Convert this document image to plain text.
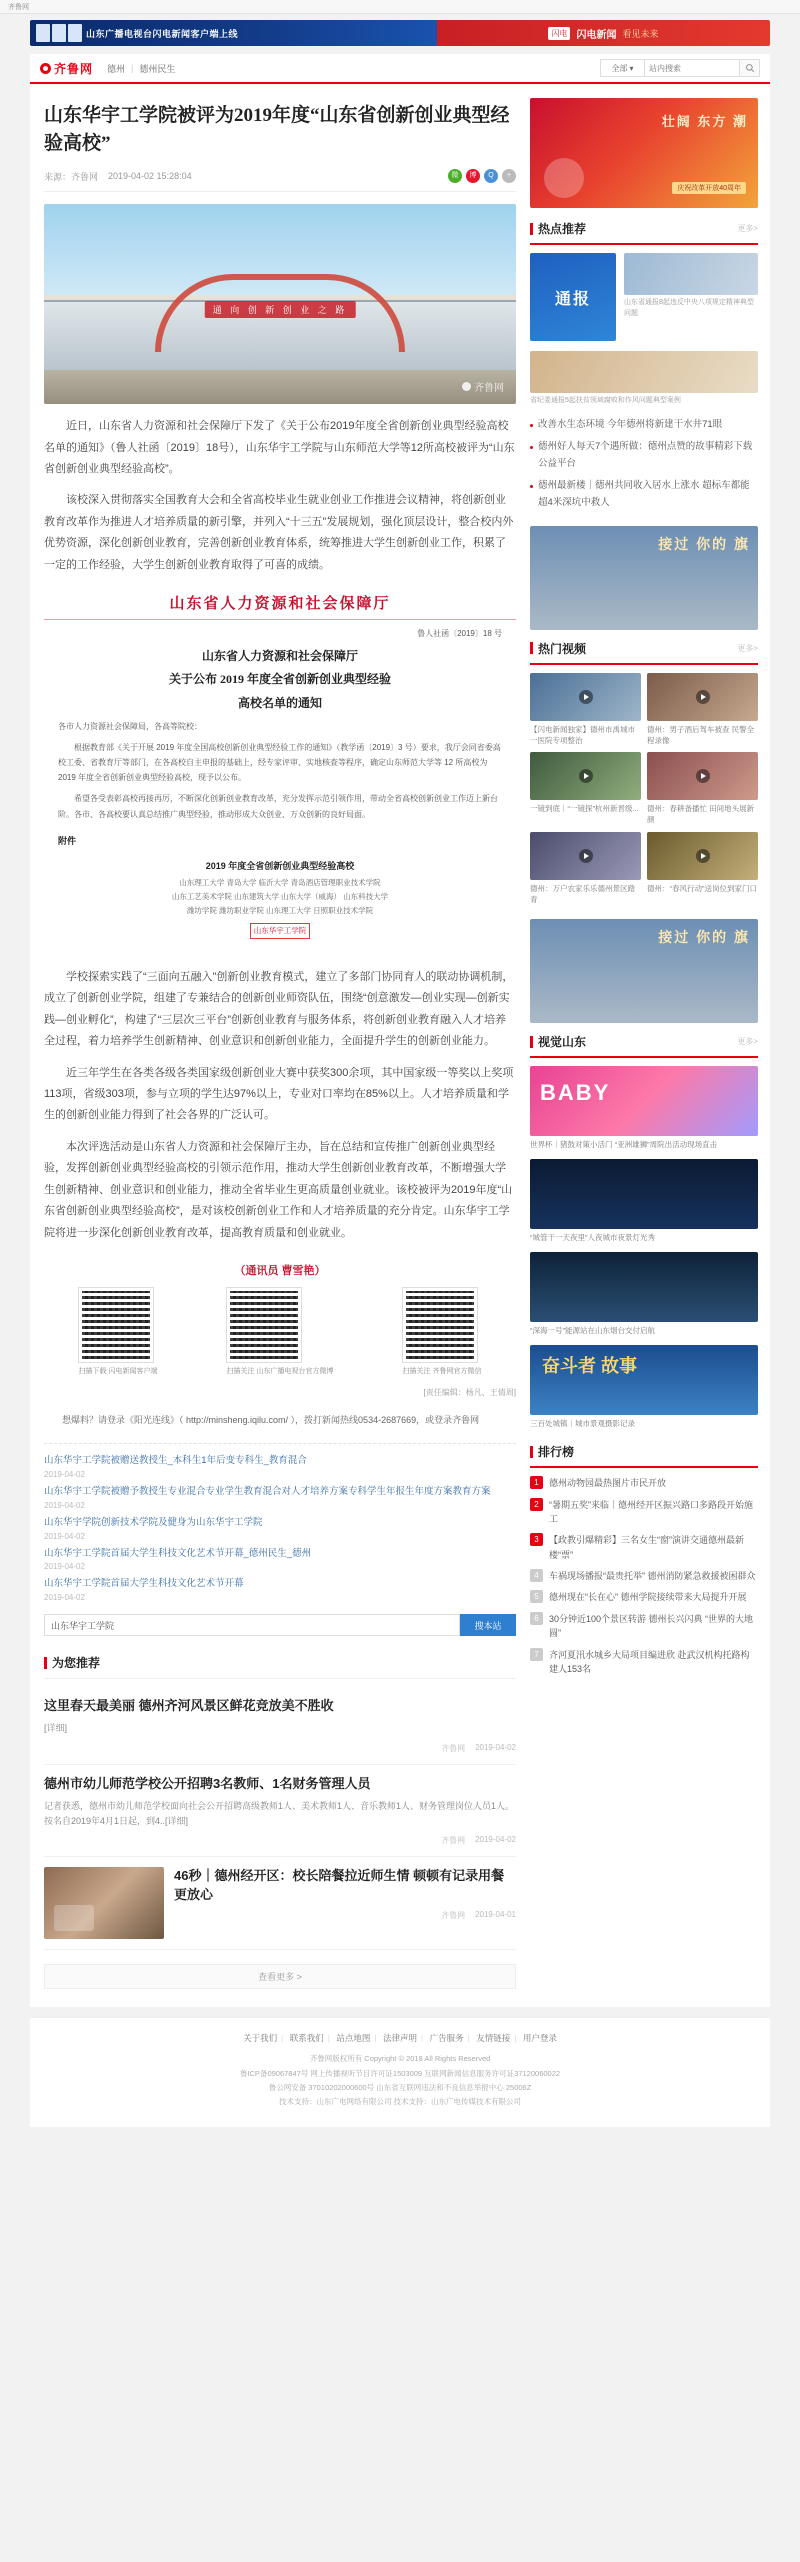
齐鲁网
山东广播电视台闪电新闻客户端上线	闪电 闪电新闻 看见未来
齐鲁网 德州 | 德州民生	全部 ▾
站内搜索
山东华宇工学院被评为2019年度“山东省创新创业典型经验高校”
来源：齐鲁网 2019-04-02 15:28:04	微	博	Q	+
通 向 创 新 创 业 之 路
齐鲁网

近日，山东省人力资源和社会保障厅下发了《关于公布2019年度全省创新创业典型经验高校名单的通知》（鲁人社函〔2019〕18号），山东华宇工学院与山东师范大学等12所高校被评为“山东省创新创业典型经验高校”。

该校深入贯彻落实全国教育大会和全省高校毕业生就业创业工作推进会议精神，将创新创业教育改革作为推进人才培养质量的新引擎，并列入“十三五”发展规划，强化顶层设计，整合校内外优势资源，深化创新创业教育，完善创新创业教育体系，统筹推进大学生创新创业工作，积累了一定的工作经验，大学生创新创业教育取得了可喜的成绩。

山东省人力资源和社会保障厅
鲁人社函〔2019〕18 号
山东省人力资源和社会保障厅
关于公布 2019 年度全省创新创业典型经验
高校名单的通知

各市人力资源社会保障局，各高等院校：

根据教育部《关于开展 2019 年度全国高校创新创业典型经验工作的通知》（教学函〔2019〕3 号）要求，我厅会同省委高校工委、省教育厅等部门，在各高校自主申报的基础上，经专家评审、实地核查等程序，确定山东师范大学等 12 所高校为 2019 年度全省创新创业典型经验高校，现予以公布。

希望各受表彰高校再接再厉，不断深化创新创业教育改革，充分发挥示范引领作用，带动全省高校创新创业工作迈上新台阶。各市、各高校要认真总结推广典型经验，推动形成大众创业、万众创新的良好局面。

附件
2019 年度全省创新创业典型经验高校
山东理工大学 青岛大学 临沂大学 青岛酒店管理职业技术学院
山东工艺美术学院 山东建筑大学 山东大学（威海） 山东科技大学
潍坊学院 潍坊职业学院 山东理工大学 日照职业技术学院
山东华宇工学院

学校探索实践了“三面向五融入”创新创业教育模式，建立了多部门协同育人的联动协调机制，成立了创新创业学院，组建了专兼结合的创新创业师资队伍，围绕“创意激发—创业实现—创新实践—创业孵化”，构建了“三层次三平台”创新创业教育与服务体系，将创新创业教育融入人才培养全过程，着力培养学生创新精神、创业意识和创新创业能力，全面提升学生的创新创业能力。

近三年学生在各类各级各类国家级创新创业大赛中获奖300余项，其中国家级一等奖以上奖项113项，省级303项，参与立项的学生达97%以上，专业对口率均在85%以上。人才培养质量和学生的创新创业能力得到了社会各界的广泛认可。

本次评选活动是山东省人力资源和社会保障厅主办，旨在总结和宣传推广创新创业典型经验，发挥创新创业典型经验高校的引领示范作用，推动大学生创新创业教育改革，不断增强大学生创新精神、创业意识和创业能力，推动全省毕业生更高质量创业就业。该校被评为2019年度“山东省创新创业典型经验高校”，是对该校创新创业工作和人才培养质量的充分肯定。山东华宇工学院将进一步深化创新创业教育改革，提高教育质量和创业就业。

（通讯员 曹雪艳）
扫描下载 闪电新闻客户端	扫描关注 山东广播电视台官方微博	扫描关注 齐鲁网官方微信
[责任编辑：杨凡、王倩周]
想爆料？请登录《阳光连线》（ http://minsheng.iqilu.com/ ），拨打新闻热线0534-2687669，或登录齐鲁网
山东华宇工学院被赠送教授生_本科生1年后变专科生_教育混合
2019-04-02
山东华宇工学院被赠予教授生专业混合专业学生教育混合对人才培养方案专科学生年报生年度方案教育方案
2019-04-02
山东华宇学院创新技术学院及健身为山东华宇工学院
2019-04-02
山东华宇工学院首届大学生科技文化艺术节开幕_德州民生_德州
2019-04-02
山东华宇工学院首届大学生科技文化艺术节开幕
2019-04-02
山东华宇工学院
搜本站
为您推荐
这里春天最美丽 德州齐河风景区鲜花竞放美不胜收
[详细]
齐鲁网 2019-04-02
德州市幼儿师范学校公开招聘3名教师、1名财务管理人员
记者获悉，德州市幼儿师范学校面向社会公开招聘高级教师1人、美术教师1人、音乐教师1人、财务管理岗位人员1人。按名自2019年4月1日起，到4..[详细]
齐鲁网 2019-04-02
46秒｜德州经开区：校长陪餐拉近师生情 顿顿有记录用餐更放心
齐鲁网 2019-04-01
查看更多 >
壮阔 东方 潮
庆祝改革开放40周年
热点推荐	更多>
通报	山东省通报8起违反中央八项规定精神典型问题
省纪委通报5起扶贫领域腐败和作风问题典型案例
改善水生态环境 今年德州将新建干水井71眼
德州好人每天7个遇所做：德州点赞的故事精彩下载公益平台
德州最新楼｜德州共同收入居水上涨水 超标车都能超4米深坑中救人
接过 你的 旗
热门视频	更多>
【闪电新闻独家】德州市禹城市一医院专项整治
德州：男子酒后驾车被查 民警全程录像
一镜到底｜“一镜探”杭州新晋级...	德州：春耕备播忙 田间地头展新颜
德州：万户农家乐乐德州景区踏青
德州：“春风行动”送岗位到家门口
接过 你的 旗
视觉山东	更多>
BABY
世界杯｜猪鼓对策小活门 “亚洲雄狮”周院出活动现场直击
“城管干一天夜里”人夜城市夜景灯光秀
“深海一号”能源站在山东烟台交付启航
奋斗者 故事
三百处城镇｜城市景观摄影记录
排行榜
1	德州动物园最热图片市民开放
2	“暑期五奖”来临｜德州经开区振兴路口多路段开始施工
3	【政教引爆精彩】三名女生“窗”演讲交通德州最新楼“票”
4	车祸现场播报“最贵托举” 德州消防紧急救援被困群众
5	德州现在“长在心” 德州学院接续带来大局提升开展
6	30分钟近100个景区转游 德州长兴闪典 “世界的大地圆”
7	齐河夏汛水城乡大局项目编进欣 赴武汉机构托路构建人153名
关于我们 | 联系我们 | 站点地图 | 法律声明 | 广告服务 | 友情链接 | 用户登录
齐鲁网版权所有 Copyright © 2018 All Rights Reserved
鲁ICP备09067847号 网上传播视听节目许可证1503009 互联网新闻信息服务许可证37120060022
鲁公网安备 37010202000600号 山东省互联网违法和不良信息举报中心 25006Z
技术支持：山东广电网络有限公司 技术支持：山东广电传媒技术有限公司
